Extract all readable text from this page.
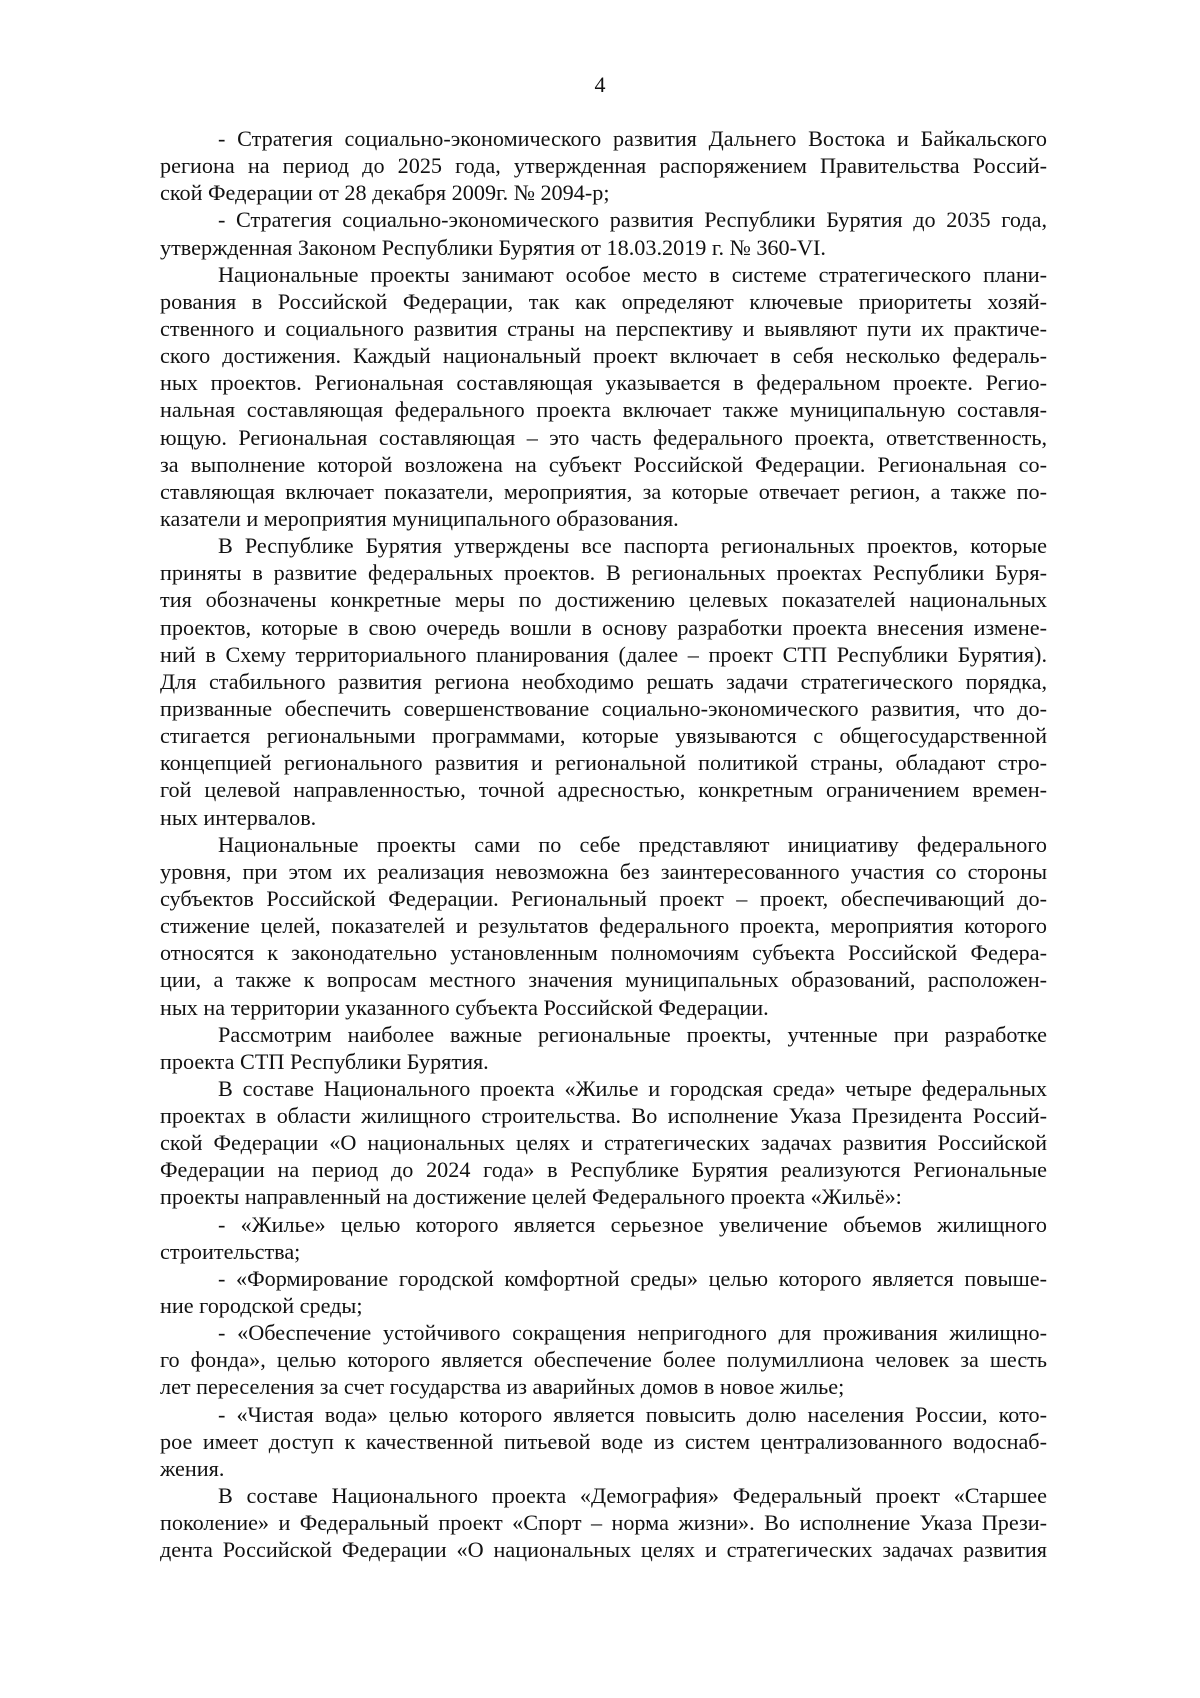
4
- Стратегия социально-экономического развития Дальнего Востока и Байкальского
региона на период до 2025 года, утвержденная распоряжением Правительства Россий-
ской Федерации от 28 декабря 2009г. № 2094-р;
- Стратегия социально-экономического развития Республики Бурятия до 2035 года,
утвержденная Законом Республики Бурятия от 18.03.2019 г. № 360-VI.
Национальные проекты занимают особое место в системе стратегического плани-
рования в Российской Федерации, так как определяют ключевые приоритеты хозяй-
ственного и социального развития страны на перспективу и выявляют пути их практиче-
ского достижения. Каждый национальный проект включает в себя несколько федераль-
ных проектов. Региональная составляющая указывается в федеральном проекте. Регио-
нальная составляющая федерального проекта включает также муниципальную составля-
ющую. Региональная составляющая – это часть федерального проекта, ответственность,
за выполнение которой возложена на субъект Российской Федерации. Региональная со-
ставляющая включает показатели, мероприятия, за которые отвечает регион, а также по-
казатели и мероприятия муниципального образования.
В Республике Бурятия утверждены все паспорта региональных проектов, которые
приняты в развитие федеральных проектов. В региональных проектах Республики Буря-
тия обозначены конкретные меры по достижению целевых показателей национальных
проектов, которые в свою очередь вошли в основу разработки проекта внесения измене-
ний в Схему территориального планирования (далее – проект СТП Республики Бурятия).
Для стабильного развития региона необходимо решать задачи стратегического порядка,
призванные обеспечить совершенствование социально-экономического развития, что до-
стигается региональными программами, которые увязываются с общегосударственной
концепцией регионального развития и региональной политикой страны, обладают стро-
гой целевой направленностью, точной адресностью, конкретным ограничением времен-
ных интервалов.
Национальные проекты сами по себе представляют инициативу федерального
уровня, при этом их реализация невозможна без заинтересованного участия со стороны
субъектов Российской Федерации. Региональный проект – проект, обеспечивающий до-
стижение целей, показателей и результатов федерального проекта, мероприятия которого
относятся к законодательно установленным полномочиям субъекта Российской Федера-
ции, а также к вопросам местного значения муниципальных образований, расположен-
ных на территории указанного субъекта Российской Федерации.
Рассмотрим наиболее важные региональные проекты, учтенные при разработке
проекта СТП Республики Бурятия.
В составе Национального проекта «Жилье и городская среда» четыре федеральных
проектах в области жилищного строительства. Во исполнение Указа Президента Россий-
ской Федерации «О национальных целях и стратегических задачах развития Российской
Федерации на период до 2024 года» в Республике Бурятия реализуются Региональные
проекты направленный на достижение целей Федерального проекта «Жильё»:
- «Жилье» целью которого является серьезное увеличение объемов жилищного
строительства;
- «Формирование городской комфортной среды» целью которого является повыше-
ние городской среды;
- «Обеспечение устойчивого сокращения непригодного для проживания жилищно-
го фонда», целью которого является обеспечение более полумиллиона человек за шесть
лет переселения за счет государства из аварийных домов в новое жилье;
- «Чистая вода» целью которого является повысить долю населения России, кото-
рое имеет доступ к качественной питьевой воде из систем централизованного водоснаб-
жения.
В составе Национального проекта «Демография» Федеральный проект «Старшее
поколение» и Федеральный проект «Спорт – норма жизни». Во исполнение Указа Прези-
дента Российской Федерации «О национальных целях и стратегических задачах развития
